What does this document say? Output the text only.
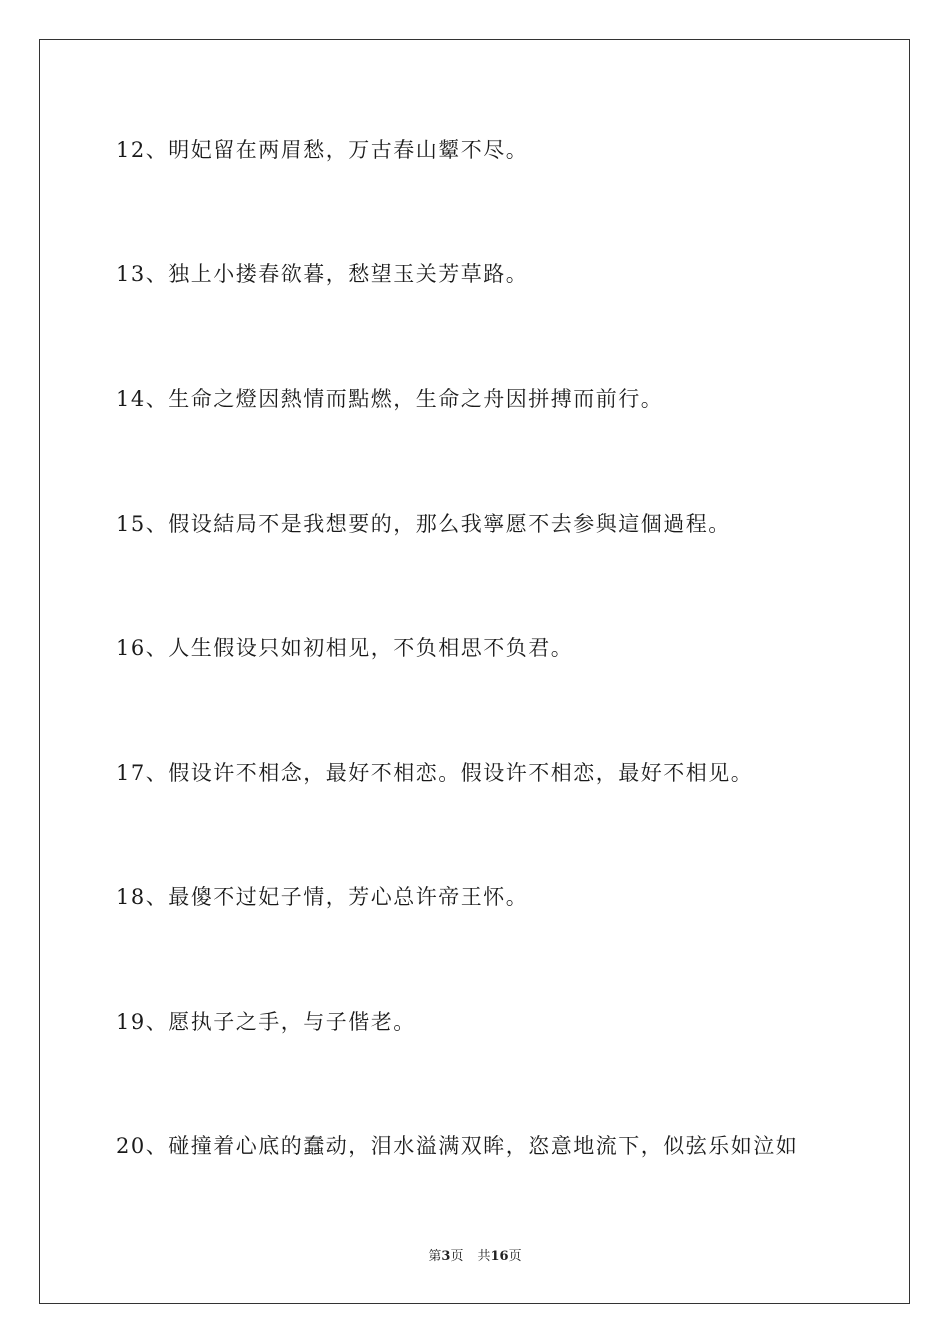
12、明妃留在两眉愁，万古春山颦不尽。
13、独上小搂春欲暮，愁望玉关芳草路。
14、生命之燈因熱情而點燃，生命之舟因拼搏而前行。
15、假设結局不是我想要的，那么我寧愿不去参與這個過程。
16、人生假设只如初相见，不负相思不负君。
17、假设许不相念，最好不相恋。假设许不相恋，最好不相见。
18、最傻不过妃子情，芳心总许帝王怀。
19、愿执子之手，与子偕老。
20、碰撞着心底的蠢动，泪水溢满双眸，恣意地流下，似弦乐如泣如
第3页 共16页
